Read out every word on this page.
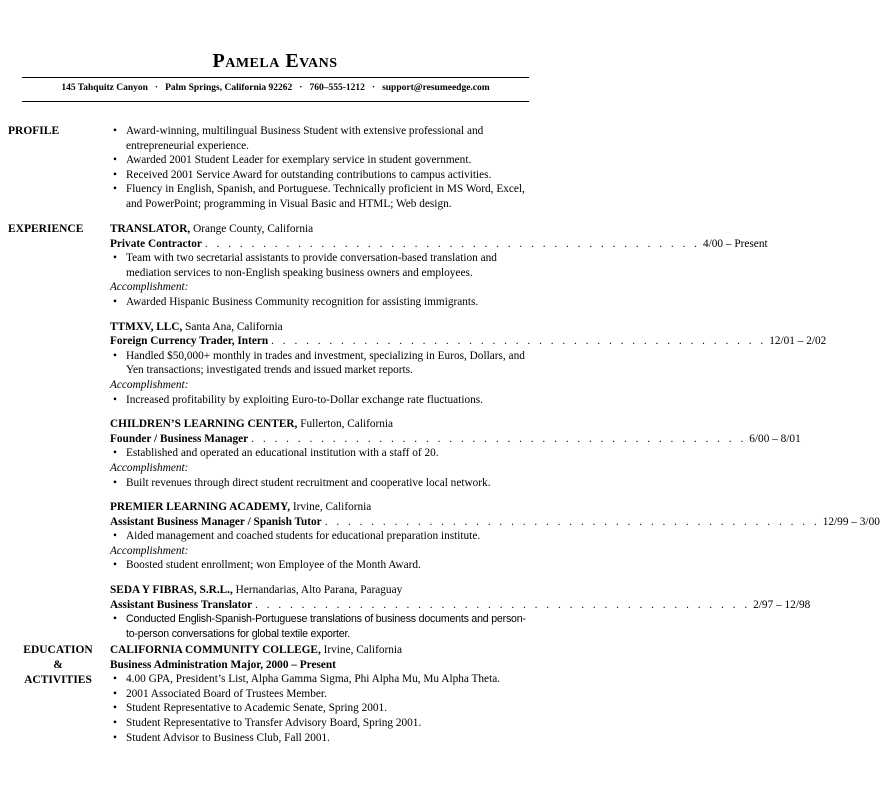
Pamela Evans
145 Tahquitz Canyon · Palm Springs, California 92262 · 760–555-1212 · support@resumeedge.com
PROFILE	• Award-winning, multilingual Business Student with extensive professional and entrepreneurial experience.
• Awarded 2001 Student Leader for exemplary service in student government.
• Received 2001 Service Award for outstanding contributions to campus activities.
• Fluency in English, Spanish, and Portuguese. Technically proficient in MS Word, Excel, and PowerPoint; programming in Visual Basic and HTML; Web design.
EXPERIENCE	TRANSLATOR, Orange County, California
Private Contractor . . . . . . . . . . . . . . . . . . . . . . . . . . . . . . . . . . . . . . . . . . . 4/00 – Present
• Team with two secretarial assistants to provide conversation-based translation and mediation services to non-English speaking business owners and employees.
Accomplishment:
• Awarded Hispanic Business Community recognition for assisting immigrants.
TTMXV, LLC, Santa Ana, California
Foreign Currency Trader, Intern . . . . . . . . . . . . . . . . . . . . . . . . . . . . . . . . . . . . . . . . . . . 12/01 – 2/02
• Handled $50,000+ monthly in trades and investment, specializing in Euros, Dollars, and Yen transactions; investigated trends and issued market reports.
Accomplishment:
• Increased profitability by exploiting Euro-to-Dollar exchange rate fluctuations.
CHILDREN’S LEARNING CENTER, Fullerton, California
Founder / Business Manager . . . . . . . . . . . . . . . . . . . . . . . . . . . . . . . . . . . . . . . . . . . 6/00 – 8/01
• Established and operated an educational institution with a staff of 20.
Accomplishment:
• Built revenues through direct student recruitment and cooperative local network.
PREMIER LEARNING ACADEMY, Irvine, California
Assistant Business Manager / Spanish Tutor . . . . . . . . . . . . . . . . . . . . . . . . . . . . . . . . . . . . . . . . . . . 12/99 – 3/00
• Aided management and coached students for educational preparation institute.
Accomplishment:
• Boosted student enrollment; won Employee of the Month Award.
SEDA Y FIBRAS, S.R.L., Hernandarias, Alto Parana, Paraguay
Assistant Business Translator . . . . . . . . . . . . . . . . . . . . . . . . . . . . . . . . . . . . . . . . . . . 2/97 – 12/98
• Conducted English-Spanish-Portuguese translations of business documents and person-to-person conversations for global textile exporter.
EDUCATION
&
ACTIVITIES
CALIFORNIA COMMUNITY COLLEGE, Irvine, California
Business Administration Major, 2000 – Present
• 4.00 GPA, President’s List, Alpha Gamma Sigma, Phi Alpha Mu, Mu Alpha Theta.
• 2001 Associated Board of Trustees Member.
• Student Representative to Academic Senate, Spring 2001.
• Student Representative to Transfer Advisory Board, Spring 2001.
• Student Advisor to Business Club, Fall 2001.
